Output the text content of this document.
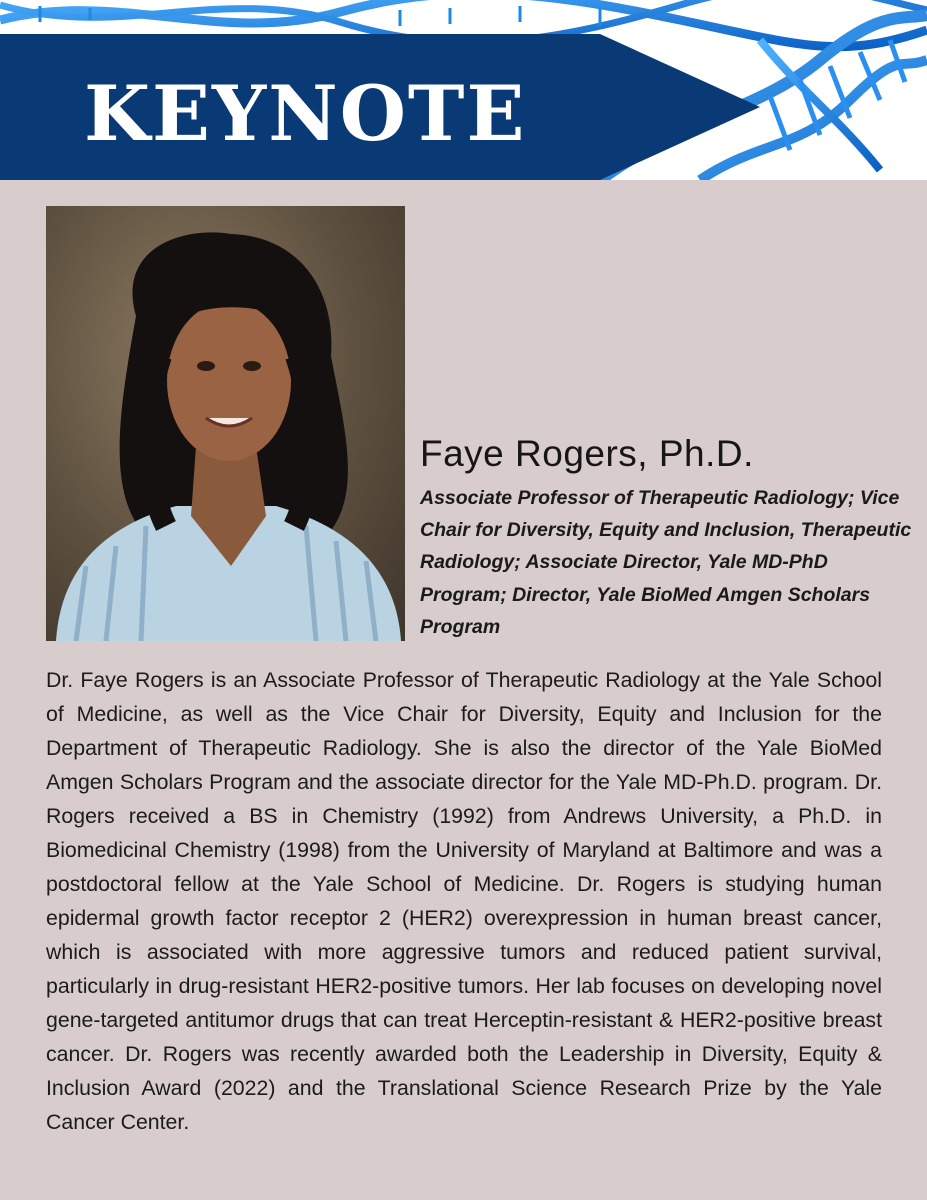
KEYNOTE
Faye Rogers, Ph.D.
Associate Professor of Therapeutic Radiology; Vice Chair for Diversity, Equity and Inclusion, Therapeutic Radiology; Associate Director, Yale MD-PhD Program; Director, Yale BioMed Amgen Scholars Program
Dr. Faye Rogers is an Associate Professor of Therapeutic Radiology at the Yale School of Medicine, as well as the Vice Chair for Diversity, Equity and Inclusion for the Department of Therapeutic Radiology. She is also the director of the Yale BioMed Amgen Scholars Program and the associate director for the Yale MD-Ph.D. program. Dr. Rogers received a BS in Chemistry (1992) from Andrews University, a Ph.D. in Biomedicinal Chemistry (1998) from the University of Maryland at Baltimore and was a postdoctoral fellow at the Yale School of Medicine. Dr. Rogers is studying human epidermal growth factor receptor 2 (HER2) overexpression in human breast cancer, which is associated with more aggressive tumors and reduced patient survival, particularly in drug-resistant HER2-positive tumors. Her lab focuses on developing novel gene-targeted antitumor drugs that can treat Herceptin-resistant & HER2-positive breast cancer. Dr. Rogers was recently awarded both the Leadership in Diversity, Equity & Inclusion Award (2022) and the Translational Science Research Prize by the Yale Cancer Center.
